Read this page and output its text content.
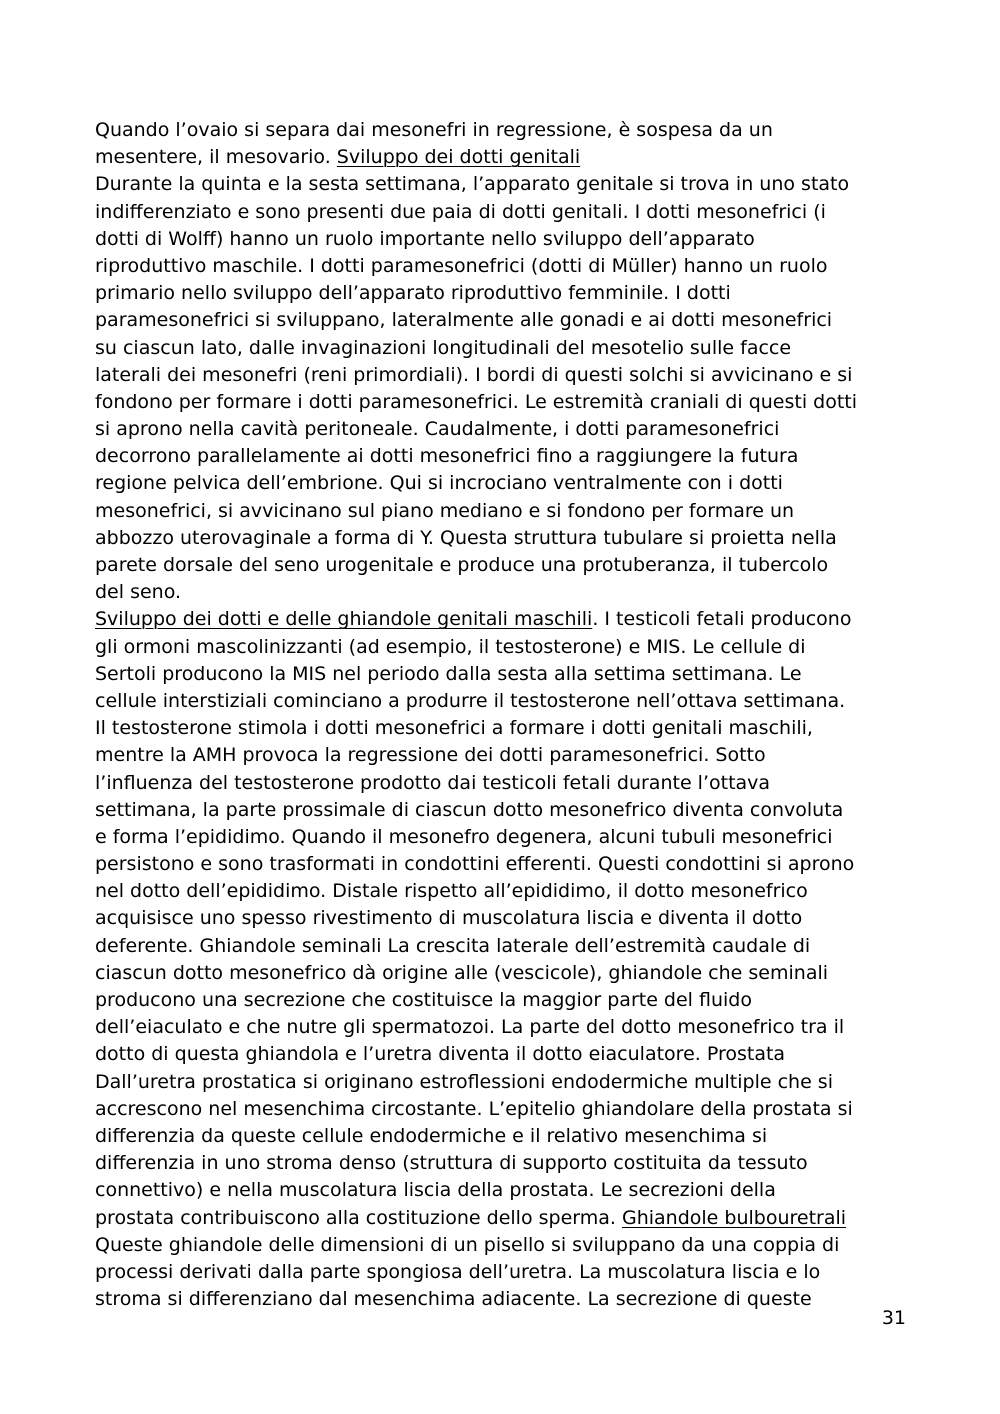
Quando l’ovaio si separa dai mesonefri in regressione, è sospesa da un
mesentere, il mesovario. Sviluppo dei dotti genitali
Durante la quinta e la sesta settimana, l’apparato genitale si trova in uno stato
indifferenziato e sono presenti due paia di dotti genitali. I dotti mesonefrici (i
dotti di Wolff) hanno un ruolo importante nello sviluppo dell’apparato
riproduttivo maschile. I dotti paramesonefrici (dotti di Müller) hanno un ruolo
primario nello sviluppo dell’apparato riproduttivo femminile. I dotti
paramesonefrici si sviluppano, lateralmente alle gonadi e ai dotti mesonefrici
su ciascun lato, dalle invaginazioni longitudinali del mesotelio sulle facce
laterali dei mesonefri (reni primordiali). I bordi di questi solchi si avvicinano e si
fondono per formare i dotti paramesonefrici. Le estremità craniali di questi dotti
si aprono nella cavità peritoneale. Caudalmente, i dotti paramesonefrici
decorrono parallelamente ai dotti mesonefrici fino a raggiungere la futura
regione pelvica dell’embrione. Qui si incrociano ventralmente con i dotti
mesonefrici, si avvicinano sul piano mediano e si fondono per formare un
abbozzo uterovaginale a forma di Y. Questa struttura tubulare si proietta nella
parete dorsale del seno urogenitale e produce una protuberanza, il tubercolo
del seno.
Sviluppo dei dotti e delle ghiandole genitali maschili. I testicoli fetali producono
gli ormoni mascolinizzanti (ad esempio, il testosterone) e MIS. Le cellule di
Sertoli producono la MIS nel periodo dalla sesta alla settima settimana. Le
cellule interstiziali cominciano a produrre il testosterone nell’ottava settimana.
Il testosterone stimola i dotti mesonefrici a formare i dotti genitali maschili,
mentre la AMH provoca la regressione dei dotti paramesonefrici. Sotto
l’influenza del testosterone prodotto dai testicoli fetali durante l’ottava
settimana, la parte prossimale di ciascun dotto mesonefrico diventa convoluta
e forma l’epididimo. Quando il mesonefro degenera, alcuni tubuli mesonefrici
persistono e sono trasformati in condottini efferenti. Questi condottini si aprono
nel dotto dell’epididimo. Distale rispetto all’epididimo, il dotto mesonefrico
acquisisce uno spesso rivestimento di muscolatura liscia e diventa il dotto
deferente. Ghiandole seminali La crescita laterale dell’estremità caudale di
ciascun dotto mesonefrico dà origine alle (vescicole), ghiandole che seminali
producono una secrezione che costituisce la maggior parte del fluido
dell’eiaculato e che nutre gli spermatozoi. La parte del dotto mesonefrico tra il
dotto di questa ghiandola e l’uretra diventa il dotto eiaculatore. Prostata
Dall’uretra prostatica si originano estroflessioni endodermiche multiple che si
accrescono nel mesenchima circostante. L’epitelio ghiandolare della prostata si
differenzia da queste cellule endodermiche e il relativo mesenchima si
differenzia in uno stroma denso (struttura di supporto costituita da tessuto
connettivo) e nella muscolatura liscia della prostata. Le secrezioni della
prostata contribuiscono alla costituzione dello sperma. Ghiandole bulbouretrali
Queste ghiandole delle dimensioni di un pisello si sviluppano da una coppia di
processi derivati dalla parte spongiosa dell’uretra. La muscolatura liscia e lo
stroma si differenziano dal mesenchima adiacente. La secrezione di queste
31
